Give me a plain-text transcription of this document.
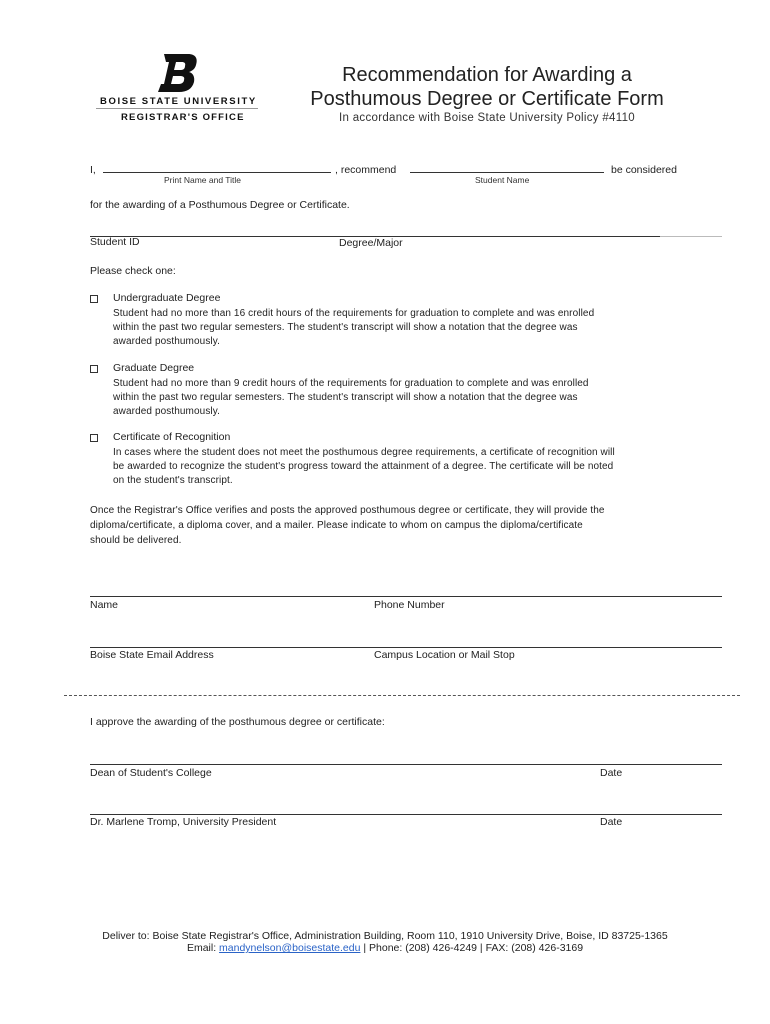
BOISE STATE UNIVERSITY
REGISTRAR'S OFFICE
Recommendation for Awarding a
Posthumous Degree or Certificate Form
In accordance with Boise State University Policy #4110
I,
Print Name and Title
, recommend
Student Name
be considered
for the awarding of a Posthumous Degree or Certificate.
Student ID	Degree/Major
Please check one:
Undergraduate Degree
Student had no more than 16 credit hours of the requirements for graduation to complete and was enrolled
within the past two regular semesters. The student's transcript will show a notation that the degree was
awarded posthumously.
Graduate Degree
Student had no more than 9 credit hours of the requirements for graduation to complete and was enrolled
within the past two regular semesters. The student's transcript will show a notation that the degree was
awarded posthumously.
Certificate of Recognition
In cases where the student does not meet the posthumous degree requirements, a certificate of recognition will
be awarded to recognize the student's progress toward the attainment of a degree. The certificate will be noted
on the student's transcript.
Once the Registrar's Office verifies and posts the approved posthumous degree or certificate, they will provide the
diploma/certificate, a diploma cover, and a mailer. Please indicate to whom on campus the diploma/certificate
should be delivered.
Name	Phone Number
Boise State Email Address	Campus Location or Mail Stop
I approve the awarding of the posthumous degree or certificate:
Dean of Student's College	Date
Dr. Marlene Tromp, University President	Date
Deliver to: Boise State Registrar's Office, Administration Building, Room 110, 1910 University Drive, Boise, ID 83725-1365
Email: mandynelson@boisestate.edu | Phone: (208) 426-4249 | FAX: (208) 426-3169
